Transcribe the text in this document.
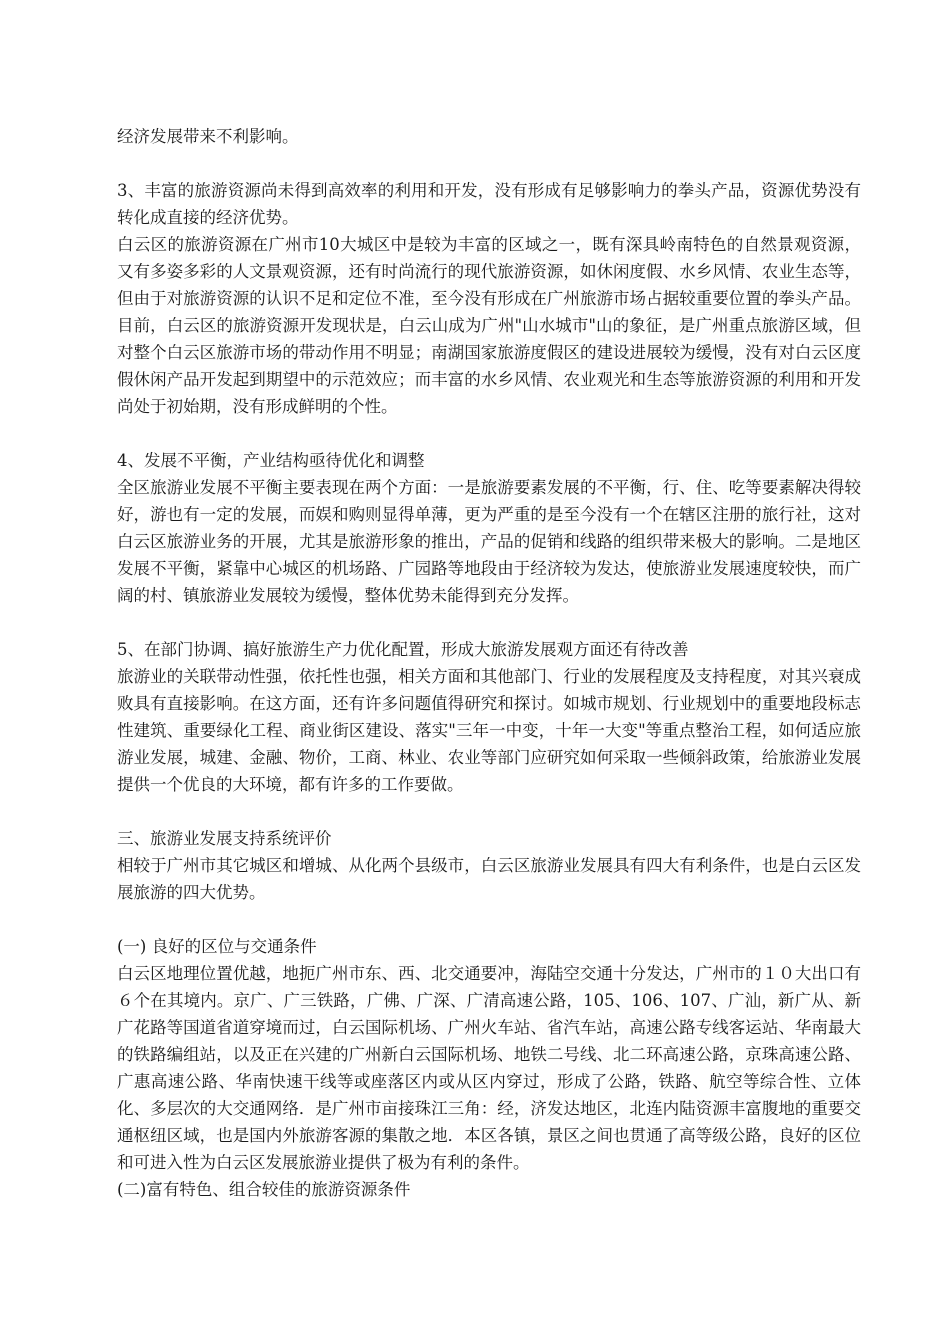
经济发展带来不利影响。

3、丰富的旅游资源尚未得到高效率的利用和开发，没有形成有足够影响力的拳头产品，资源优势没有转化成直接的经济优势。

白云区的旅游资源在广州市10大城区中是较为丰富的区域之一，既有深具岭南特色的自然景观资源，又有多姿多彩的人文景观资源，还有时尚流行的现代旅游资源，如休闲度假、水乡风情、农业生态等，但由于对旅游资源的认识不足和定位不准，至今没有形成在广州旅游市场占据较重要位置的拳头产品。目前，白云区的旅游资源开发现状是，白云山成为广州"山水城市"山的象征，是广州重点旅游区域，但对整个白云区旅游市场的带动作用不明显；南湖国家旅游度假区的建设进展较为缓慢，没有对白云区度假休闲产品开发起到期望中的示范效应；而丰富的水乡风情、农业观光和生态等旅游资源的利用和开发尚处于初始期，没有形成鲜明的个性。

4、发展不平衡，产业结构亟待优化和调整

全区旅游业发展不平衡主要表现在两个方面：一是旅游要素发展的不平衡，行、住、吃等要素解决得较好，游也有一定的发展，而娱和购则显得单薄，更为严重的是至今没有一个在辖区注册的旅行社，这对白云区旅游业务的开展，尤其是旅游形象的推出，产品的促销和线路的组织带来极大的影响。二是地区发展不平衡，紧靠中心城区的机场路、广园路等地段由于经济较为发达，使旅游业发展速度较快，而广阔的村、镇旅游业发展较为缓慢，整体优势未能得到充分发挥。

5、在部门协调、搞好旅游生产力优化配置，形成大旅游发展观方面还有待改善

旅游业的关联带动性强，依托性也强，相关方面和其他部门、行业的发展程度及支持程度，对其兴衰成败具有直接影响。在这方面，还有许多问题值得研究和探讨。如城市规划、行业规划中的重要地段标志性建筑、重要绿化工程、商业街区建设、落实"三年一中变，十年一大变"等重点整治工程，如何适应旅游业发展，城建、金融、物价，工商、林业、农业等部门应研究如何采取一些倾斜政策，给旅游业发展提供一个优良的大环境，都有许多的工作要做。

三、旅游业发展支持系统评价

相较于广州市其它城区和增城、从化两个县级市，白云区旅游业发展具有四大有利条件，也是白云区发展旅游的四大优势。

(一) 良好的区位与交通条件

白云区地理位置优越，地扼广州市东、西、北交通要冲，海陆空交通十分发达，广州市的１０大出口有６个在其境内。京广、广三铁路，广佛、广深、广清高速公路，105、106、107、广汕，新广从、新广花路等国道省道穿境而过，白云国际机场、广州火车站、省汽车站，高速公路专线客运站、华南最大的铁路编组站，以及正在兴建的广州新白云国际机场、地铁二号线、北二环高速公路，京珠高速公路、广惠高速公路、华南快速干线等或座落区内或从区内穿过，形成了公路，铁路、航空等综合性、立体化、多层次的大交通网络．是广州市亩接珠江三角：经，济发达地区，北连内陆资源丰富腹地的重要交通枢纽区域，也是国内外旅游客源的集散之地．本区各镇，景区之间也贯通了高等级公路，良好的区位和可进入性为白云区发展旅游业提供了极为有利的条件。

(二)富有特色、组合较佳的旅游资源条件
